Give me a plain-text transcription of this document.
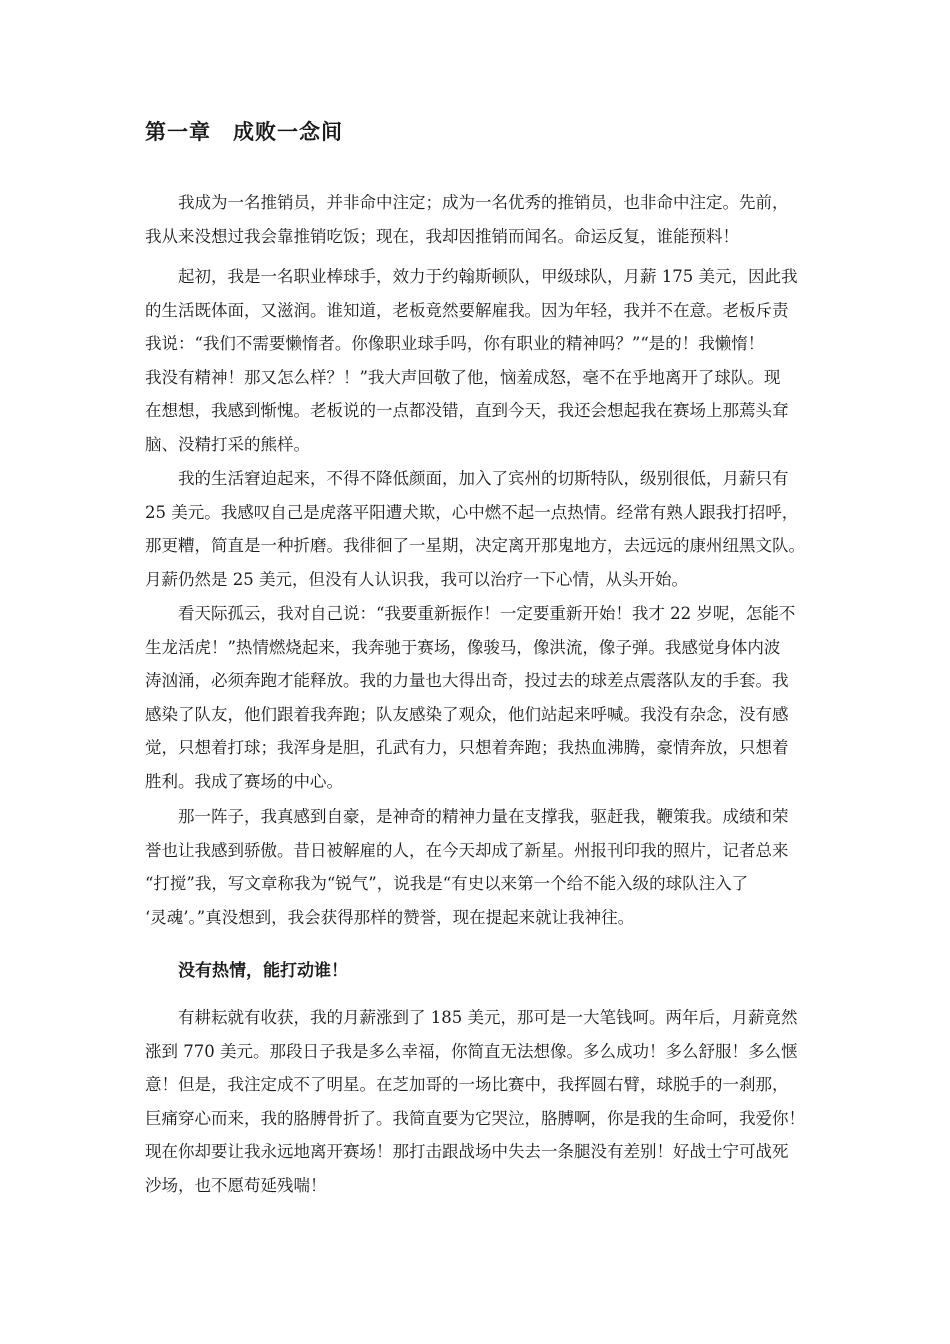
第一章　成败一念间
我成为一名推销员，并非命中注定；成为一名优秀的推销员，也非命中注定。先前，
我从来没想过我会靠推销吃饭；现在，我却因推销而闻名。命运反复，谁能预料！
起初，我是一名职业棒球手，效力于约翰斯顿队，甲级球队，月薪 175 美元，因此我
的生活既体面，又滋润。谁知道，老板竟然要解雇我。因为年轻，我并不在意。老板斥责
我说：“我们不需要懒惰者。你像职业球手吗，你有职业的精神吗？”“是的！我懒惰！
我没有精神！那又怎么样？！”我大声回敬了他，恼羞成怒，毫不在乎地离开了球队。现
在想想，我感到惭愧。老板说的一点都没错，直到今天，我还会想起我在赛场上那蔫头耷
脑、没精打采的熊样。
我的生活窘迫起来，不得不降低颜面，加入了宾州的切斯特队，级别很低，月薪只有
25 美元。我感叹自己是虎落平阳遭犬欺，心中燃不起一点热情。经常有熟人跟我打招呼，
那更糟，简直是一种折磨。我徘徊了一星期，决定离开那鬼地方，去远远的康州纽黑文队。
月薪仍然是 25 美元，但没有人认识我，我可以治疗一下心情，从头开始。
看天际孤云，我对自己说：“我要重新振作！一定要重新开始！我才 22 岁呢，怎能不
生龙活虎！”热情燃烧起来，我奔驰于赛场，像骏马，像洪流，像子弹。我感觉身体内波
涛汹涌，必须奔跑才能释放。我的力量也大得出奇，投过去的球差点震落队友的手套。我
感染了队友，他们跟着我奔跑；队友感染了观众，他们站起来呼喊。我没有杂念，没有感
觉，只想着打球；我浑身是胆，孔武有力，只想着奔跑；我热血沸腾，豪情奔放，只想着
胜利。我成了赛场的中心。
那一阵子，我真感到自豪，是神奇的精神力量在支撑我，驱赶我，鞭策我。成绩和荣
誉也让我感到骄傲。昔日被解雇的人，在今天却成了新星。州报刊印我的照片，记者总来
“打搅”我，写文章称我为“锐气”，说我是“有史以来第一个给不能入级的球队注入了
‘灵魂’。”真没想到，我会获得那样的赞誉，现在提起来就让我神往。
没有热情，能打动谁！
有耕耘就有收获，我的月薪涨到了 185 美元，那可是一大笔钱呵。两年后，月薪竟然
涨到 770 美元。那段日子我是多么幸福，你简直无法想像。多么成功！多么舒服！多么惬
意！但是，我注定成不了明星。在芝加哥的一场比赛中，我挥圆右臂，球脱手的一刹那，
巨痛穿心而来，我的胳膊骨折了。我简直要为它哭泣，胳膊啊，你是我的生命呵，我爱你！
现在你却要让我永远地离开赛场！那打击跟战场中失去一条腿没有差别！好战士宁可战死
沙场，也不愿苟延残喘！
